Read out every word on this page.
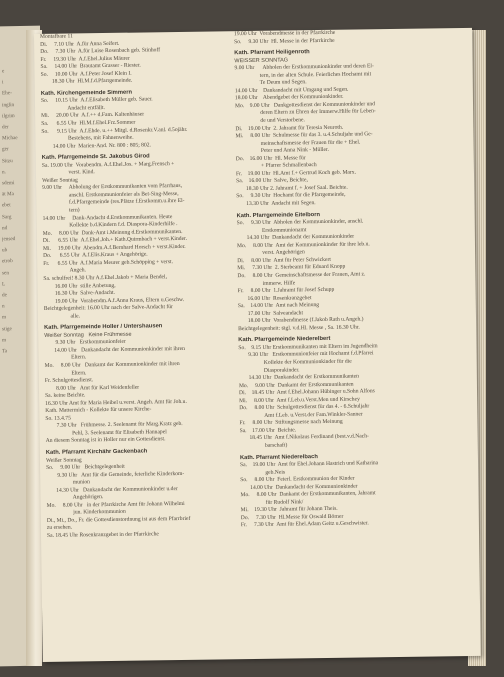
e
i
Ehe-
inglin
ilgrim
der
Michae
ger
Sitzu
n.
sdemi
ät Ma
ebet
Sarg
nd
jensed
ub
etrob
sen
L
de
n
m
stige
m
Ta
Montafbare 11
Di.     7.10 Uhr  A.für Anna Seifert.
Do.     7.30 Uhr  A.für Luise Rosenbach geb. Stinhoff
Fr.     19.30 Uhr  A.f.Ehel.Julius Mäurer
Sa.     14.00 Uhr  Brautamt Grasser - Riester.
So.     10.00 Uhr  A.f.Peter Josef Klein I.
18.30 Uhr  Hl.M.f.d.Pfarrgemeinde.
Kath. Kirchengemeinde Simmern
So.     10.15 Uhr  A.f.Elisabeth Müller geb. Sauer.
Andacht entfällt.
Mi.     20.00 Uhr  A.f.++ d.Fam. Kaltenhäuser
Sa.      6.55 Uhr  Hl.M.f.Ehel.Frz.Sommer
So.      9.15 Uhr  A.f.Ehde. u.++ Mitgl. d.Rosenkr.V.anl. d.5ojähr.
Bestehens, mit Fahnenweihe.
14.00 Uhr  Marien-And. Nr. 800 : 805; 802.
Kath. Pfarrgemeinde St. Jakobus Girod
Sa. 19.00 Uhr  Vorabendm. A.f.Ehel.Jos. + Marg.Frensch +
verst. Kind.
Weißer Sonntag
9.00 Uhr     Abholung der Erstkommunikanten vom Pfarrhaus,
anschl. Erstkommunionfeier als Bet-Sing-Messe,
f.d.Pfarrgemeinde (res.Plätze f.Erstkomm.u.ihre El-
tern)
14.00 Uhr     Dank-Andacht d.Erstkommunikanten. Heute
Kollekte b.d.Kindern f.d. Diaspora-Kinderhilfe .
Mo.     8.00 Uhr  Dank-Amt i.Meinung d.Erstkommunikanten.
Di.      6.55 Uhr  A.f.Ehel.Joh.+ Kath.Quirmbach + verst.Kinder.
Mi.     19.00 Uhr  Abendm.A.f.Bernhard Horsch + verst.Kinder.
Do.      6.55 Uhr  A.f.Elis.Kraus + Angehörige.
Fr.      6.55 Uhr  A.f.Maria Meurer geb.Schöpping + verst.
Angeh.
Sa. schulfrei! 8.30 Uhr A.f.Ehel.Jakob + Maria Bendel,
16.00 Uhr  stille Anbetung,
16.30 Uhr  Salve-Andacht.
19.00 Uhr  Vorabendm.A.f.Anna Kraus, Eltern u.Geschw.
Beichtgelegenheit: 16.00 Uhr nach der Salve-Andacht für
alle.
Kath. Pfarrgemeinde Holler / Untershausen
Weißer Sonntag   Keine Frühmesse
9.30 Uhr   Erstkommunionfeier
14.00 Uhr   Dankandacht der Kommunionkinder mit ihren
Eltern.
Mo.     8.00 Uhr   Dankamt der Kommunionkinder mit ihren
Eltern.
Fr. Schulgottesdienst.
8.00 Uhr   Amt für Karl Weidenfeller
Sa. keine Beichte.
16.30 Uhr Amt für Maria Heibel u.verst. Angeh. Amt für Joh.u.
Kath. Mattermich - Kollekte für unsere Kirche-
So. 13.4.75
7.30 Uhr   Frühmesse. 2. Seelenamt für Marg.Kratz geb.
Pehl, 3. Seelenamt für Elisabeth Hannapel
An diesem Sonntag ist in Holler nur ein Gottesdienst.
Kath. Pfarramt Kirchähr Gackenbach
Weißer Sonntag
So.     9.00 Uhr   Beichtgelegenheit
9.30 Uhr   Amt für die Gemeinde, feierliche Kinderkom-
munion
14.30 Uhr   Dankandacht der Kommunionkinder u.der
Angehörigen.
Mo.     8.00 Uhr   in der Pfarrkirche Amt für Johann Wilhelmi
jun. Kinderkommunion
Di., Mi., Do., Fr. die Gottesdienstordnung ist aus dem Pfarrbrief
zu ersehen.
Sa. 18.45 Uhr Rosenkranzgebet in der Pfarrkirche
19.00 Uhr  Vorabendmesse in der Pfarrkirche
So.     9.30 Uhr  Hl. Messe in der Pfarrkirche
Kath. Pfarramt Heiligenroth
WEISSER SONNTAG
9.00 Uhr      Abholen der Erstkommunionkinder und deren El-
tern, in der alten Schule. Feierliches Hochamt mit
Te Deum und Segen.
14.00 Uhr    Dankandacht mit Umgang und Segen.
18.00 Uhr    Abendgebet der Kommunionkinder.
Mo.    9.00 Uhr   Dankgottesdienst der Kommunionkinder und
deren Eltern zu Ehren der Immerw.Hilfe für Leben-
de und Verstorbene.
Di.    19.00 Uhr  2. Jahramt für Teresia Neuroth.
Mi.     8.00 Uhr  Schulmesse für das 3. u.4.Schuljahr und Ge-
meinschaftsmesse der Frauen für die + Ehel.
Peter und Anna Nink - Müller.
Do.    16.00 Uhr  Hl. Messe für
+ Pfarrer Schmallenbach
Fr.    19.00 Uhr  Hl.Amt f.+ Gertrud Koch geb. Marx.
Sa.    16.00 Uhr  Salve, Beichte,
18.30 Uhr 2. Jahramt f. + Josef Saal. Beichte.
So.     9.30 Uhr  Hochamt für die Pfarrgemeinde,
13.30 Uhr  Andacht mit Segen.
Kath. Pfarrgemeinde Eitelborn
So.     9.30 Uhr  Abholen der Kommunionkinder, anschl.
Erstkommunionamt
14.30 Uhr  Dankandacht der Kommunionkinder
Mo.     8.00 Uhr  Amt der Kommunionkinder für ihre leb.u.
verst. Angehörigen
Di.     8.00 Uhr  Amt für Peter Schwickert
Mi.     7.30 Uhr  2. Sterbeamt für Eduard Knopp
Do.     8.00 Uhr  Gemeinschaftsmesse der Frauen, Amt z.
immerw. Hilfe
Fr.     8.00 Uhr  1.Jahramt für Josef Schupp
16.00 Uhr  Rosenkranzgebet
Sa.    14.00 Uhr  Amt nach Meinung
17.00 Uhr  Salveandacht
18.00 Uhr  Vorabendmesse (f.Jakob Rath u.Angeh.)
Beichtgelegenheit: tägl. v.d.Hl. Messe , Sa. 16.30 Uhr.
Kath. Pfarrgemeinde Niederelbert
So.    9.15 Uhr Erstkommunikanten mit Eltern im Jugendheim
9.30 Uhr   Erstkommunionfeier mit Hochamt f.d.Pfarrei
Kollekte der Kommunionkinder für die
Diasporakinder.
14.30 Uhr  Dankandacht der Erstkommunikanten
Mo.     9.00 Uhr  Dankamt der Erstkommunikanten
Di.    18.45 Uhr  Amt f.Ehel.Johann Hübinger u.Sohn Alfons
Mi.     8.00 Uhr  Amt f.Leb.u.Verst.Men und Kirschey
Do.     8.00 Uhr  Schulgottesdienst für das 4. - 6.Schuljahr
Amt f.Leb. u.Verst.der Fam.Winkler-Sanner
Fr.     8.00 Uhr  Stiftungsmesse nach Meinung
Sa.    17.00 Uhr  Beichte.
18.45 Uhr  Amt f.Nikolaus Ferdinand (best.v.d.Nach-
barschaft)
Kath. Pfarramt Niederelbach
Sa.    19.00 Uhr  Amt für Ehel.Johann Hastrich und Katharina
geb.Neis
So.     8.00 Uhr  Feierl. Erstkommunion der Kinder
14.00 Uhr  Dankandacht der Kommunionkinder
Mo.     8.00 Uhr  Dankamt der Erstkommunikanten, Jahramt
für Rudolf Nink/
Mi.    19.30 Uhr  Jahramt für Johann Theis.
Do.     7.30 Uhr  Hl.Messe für Oswald Börner
Fr.     7.30 Uhr  Amt für Ehel.Adam Geitz u.Geschwister.
